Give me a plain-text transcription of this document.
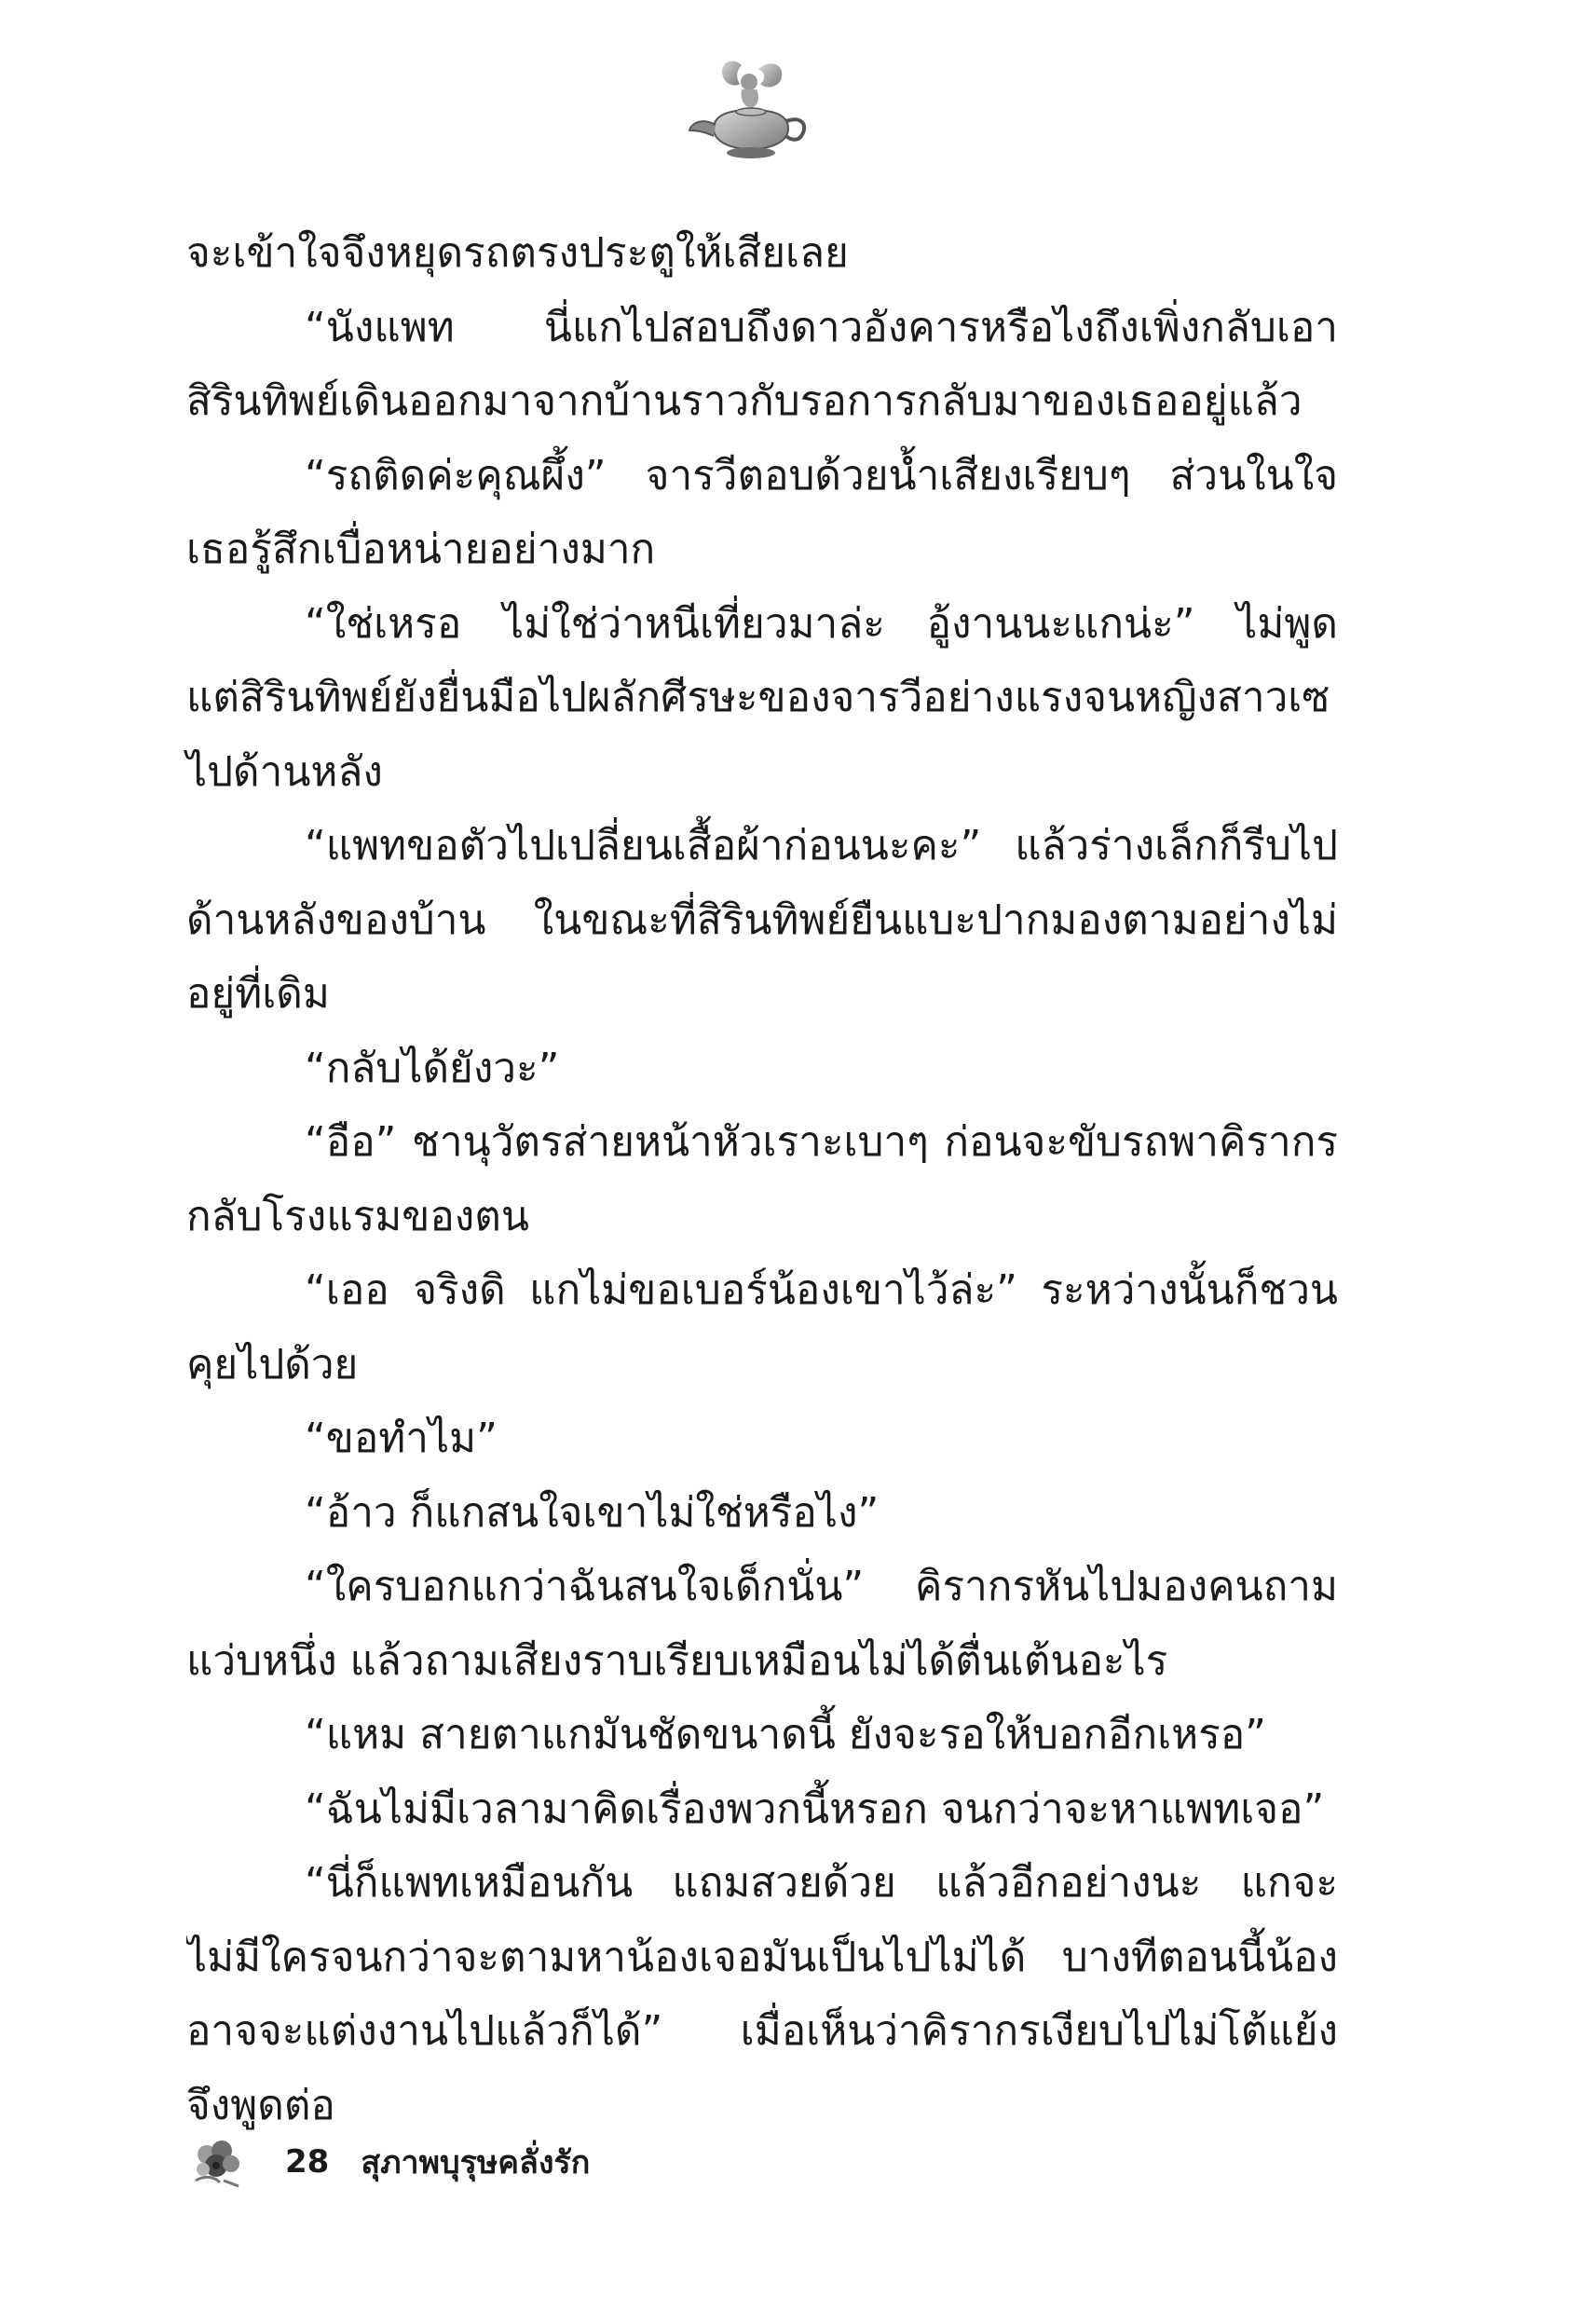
จะเข้าใจจึงหยุดรถตรงประตูให้เสียเลย
“นังแพท นี่แกไปสอบถึงดาวอังคารหรือไงถึงเพิ่งกลับเอา
สิรินทิพย์เดินออกมาจากบ้านราวกับรอการกลับมาของเธออยู่แล้ว
“รถติดค่ะคุณผึ้ง” จารวีตอบด้วยน้ำเสียงเรียบๆ ส่วนในใจ
เธอรู้สึกเบื่อหน่ายอย่างมาก
“ใช่เหรอ ไม่ใช่ว่าหนีเที่ยวมาล่ะ อู้งานนะแกน่ะ” ไม่พูด
แต่สิรินทิพย์ยังยื่นมือไปผลักศีรษะของจารวีอย่างแรงจนหญิงสาวเซ
ไปด้านหลัง
“แพทขอตัวไปเปลี่ยนเสื้อผ้าก่อนนะคะ” แล้วร่างเล็กก็รีบไป
ด้านหลังของบ้าน ในขณะที่สิรินทิพย์ยืนแบะปากมองตามอย่างไม่
อยู่ที่เดิม
“กลับได้ยังวะ”
“อือ” ชานุวัตรส่ายหน้าหัวเราะเบาๆ ก่อนจะขับรถพาคิรากร
กลับโรงแรมของตน
“เออ จริงดิ แกไม่ขอเบอร์น้องเขาไว้ล่ะ” ระหว่างนั้นก็ชวน
คุยไปด้วย
“ขอทำไม”
“อ้าว ก็แกสนใจเขาไม่ใช่หรือไง”
“ใครบอกแกว่าฉันสนใจเด็กนั่น” คิรากรหันไปมองคนถาม
แว่บหนึ่ง แล้วถามเสียงราบเรียบเหมือนไม่ได้ตื่นเต้นอะไร
“แหม สายตาแกมันชัดขนาดนี้ ยังจะรอให้บอกอีกเหรอ”
“ฉันไม่มีเวลามาคิดเรื่องพวกนี้หรอก จนกว่าจะหาแพทเจอ”
“นี่ก็แพทเหมือนกัน แถมสวยด้วย แล้วอีกอย่างนะ แกจะ
ไม่มีใครจนกว่าจะตามหาน้องเจอมันเป็นไปไม่ได้ บางทีตอนนี้น้อง
อาจจะแต่งงานไปแล้วก็ได้” เมื่อเห็นว่าคิรากรเงียบไปไม่โต้แย้ง
จึงพูดต่อ
28 สุภาพบุรุษคลั่งรัก
